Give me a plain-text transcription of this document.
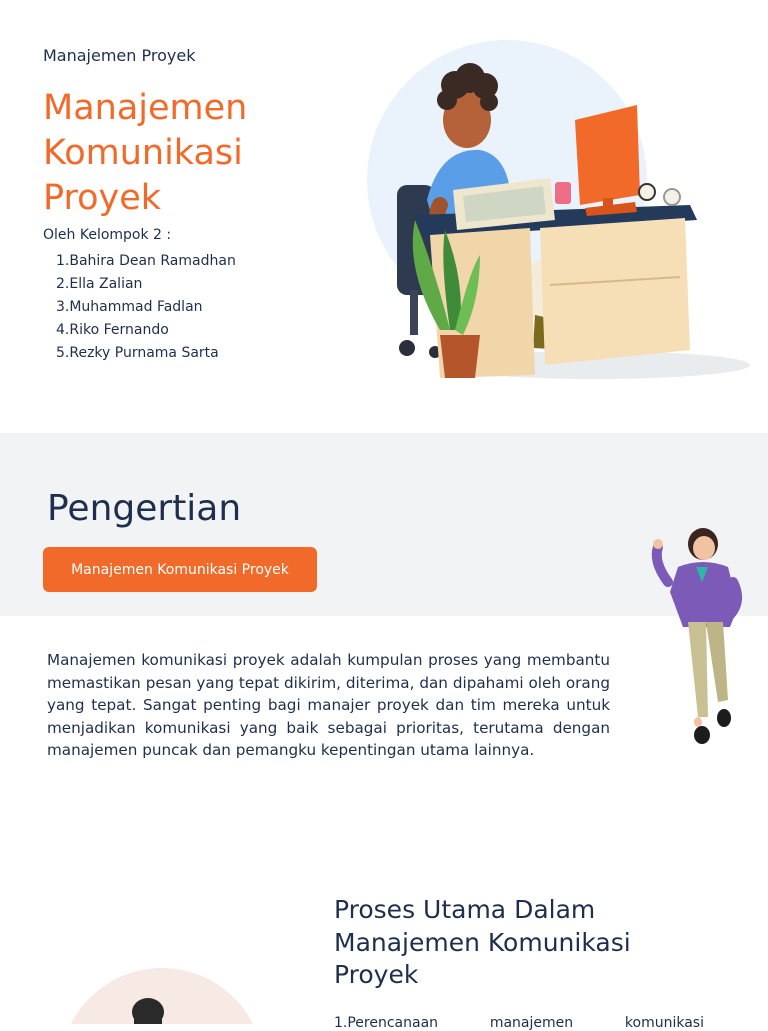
Manajemen Proyek
Manajemen
Komunikasi
Proyek
Oleh Kelompok 2 :
1.Bahira Dean Ramadhan
2.Ella Zalian
3.Muhammad Fadlan
4.Riko Fernando
5.Rezky Purnama Sarta
Pengertian
Manajemen Komunikasi Proyek

Manajemen komunikasi proyek adalah kumpulan proses yang membantu memastikan pesan yang tepat dikirim, diterima, dan dipahami oleh orang yang tepat. Sangat penting bagi manajer proyek dan tim mereka untuk menjadikan komunikasi yang baik sebagai prioritas, terutama dengan manajemen puncak dan pemangku kepentingan utama lainnya.

Proses Utama Dalam
Manajemen Komunikasi
Proyek
1.Perencanaan	manajemen	komunikasi
